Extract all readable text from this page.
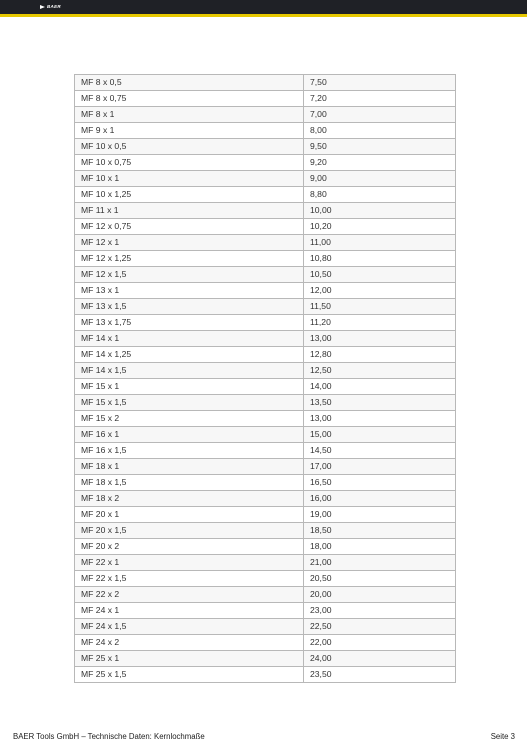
BAER
MF 8 x 0,5	7,50
MF 8 x 0,75	7,20
MF 8 x 1	7,00
MF 9 x 1	8,00
MF 10 x 0,5	9,50
MF 10 x 0,75	9,20
MF 10 x 1	9,00
MF 10 x 1,25	8,80
MF 11 x 1	10,00
MF 12 x 0,75	10,20
MF 12 x 1	11,00
MF 12 x 1,25	10,80
MF 12 x 1,5	10,50
MF 13 x 1	12,00
MF 13 x 1,5	11,50
MF 13 x 1,75	11,20
MF 14 x 1	13,00
MF 14 x 1,25	12,80
MF 14 x 1,5	12,50
MF 15 x 1	14,00
MF 15 x 1,5	13,50
MF 15 x 2	13,00
MF 16 x 1	15,00
MF 16 x 1,5	14,50
MF 18 x 1	17,00
MF 18 x 1,5	16,50
MF 18 x 2	16,00
MF 20 x 1	19,00
MF 20 x 1,5	18,50
MF 20 x 2	18,00
MF 22 x 1	21,00
MF 22 x 1,5	20,50
MF 22 x 2	20,00
MF 24 x 1	23,00
MF 24 x 1,5	22,50
MF 24 x 2	22,00
MF 25 x 1	24,00
MF 25 x 1,5	23,50
BAER Tools GmbH – Technische Daten: Kernlochmaße	Seite 3
